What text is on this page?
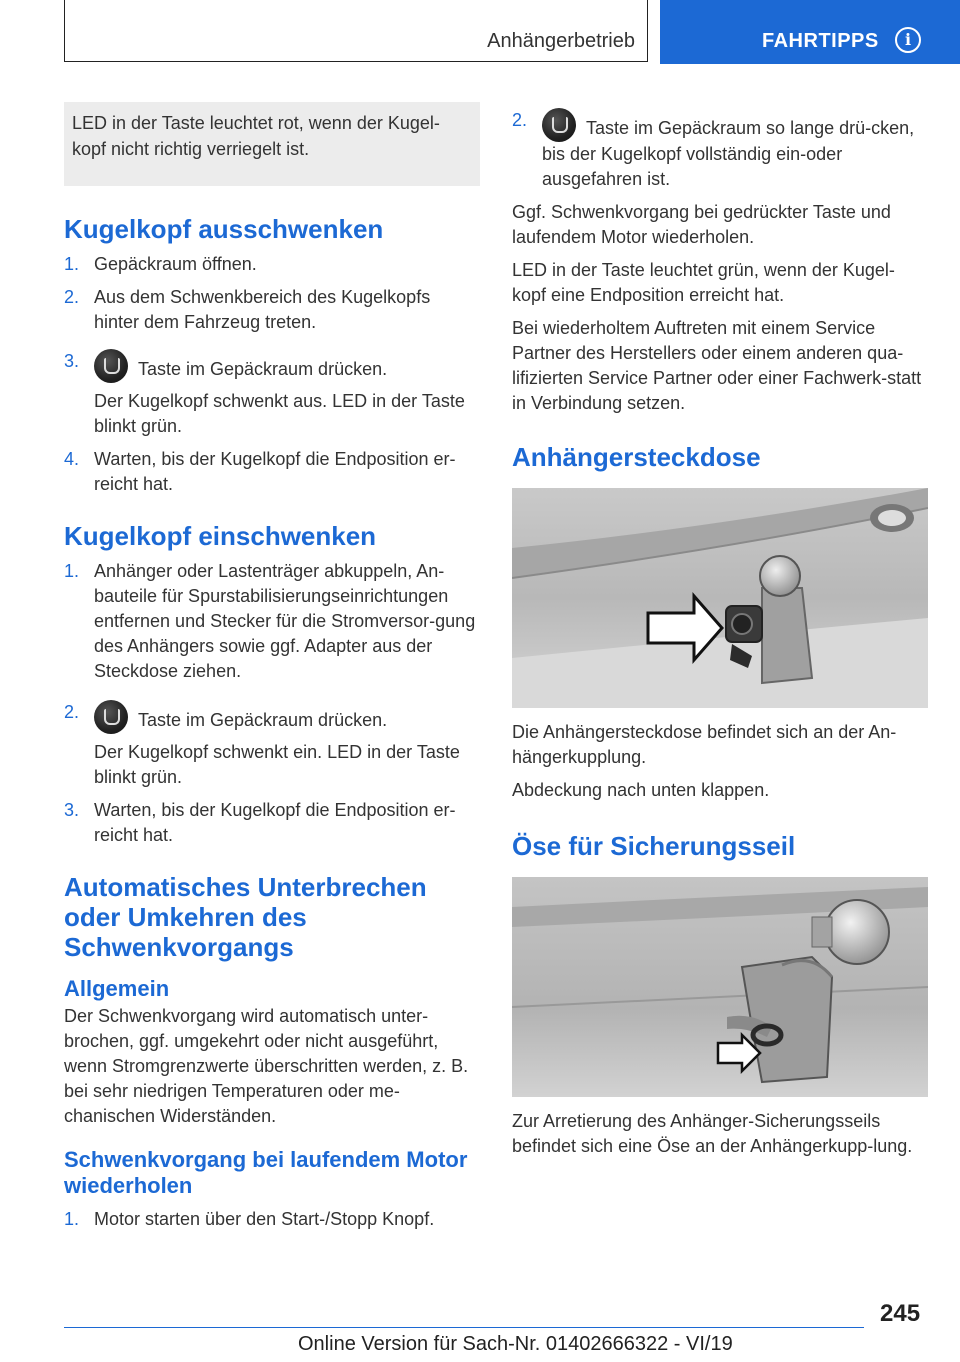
Anhängerbetrieb	FAHRTIPPS	i
LED in der Taste leuchtet rot, wenn der Kugel-kopf nicht richtig verriegelt ist.
Kugelkopf ausschwenken
1. Gepäckraum öffnen.
2. Aus dem Schwenkbereich des Kugelkopfs hinter dem Fahrzeug treten.
3.	Taste im Gepäckraum drücken.
Der Kugelkopf schwenkt aus. LED in der Taste blinkt grün.
4. Warten, bis der Kugelkopf die Endposition er-reicht hat.
Kugelkopf einschwenken
1. Anhänger oder Lastenträger abkuppeln, An-bauteile für Spurstabilisierungseinrichtungen entfernen und Stecker für die Stromversor-gung des Anhängers sowie ggf. Adapter aus der Steckdose ziehen.
2.	Taste im Gepäckraum drücken.
Der Kugelkopf schwenkt ein. LED in der Taste blinkt grün.
3. Warten, bis der Kugelkopf die Endposition er-reicht hat.
Automatisches Unterbrechen oder Umkehren des Schwenkvorgangs
Allgemein

Der Schwenkvorgang wird automatisch unter-brochen, ggf. umgekehrt oder nicht ausgeführt, wenn Stromgrenzwerte überschritten werden, z. B. bei sehr niedrigen Temperaturen oder me-chanischen Widerständen.

Schwenkvorgang bei laufendem Motor wiederholen
1. Motor starten über den Start-/Stopp Knopf.
2.	Taste im Gepäckraum so lange drü-cken, bis der Kugelkopf vollständig ein-oder ausgefahren ist.

Ggf. Schwenkvorgang bei gedrückter Taste und laufendem Motor wiederholen.

LED in der Taste leuchtet grün, wenn der Kugel-kopf eine Endposition erreicht hat.

Bei wiederholtem Auftreten mit einem Service Partner des Herstellers oder einem anderen qua-lifizierten Service Partner oder einer Fachwerk-statt in Verbindung setzen.

Anhängersteckdose

Die Anhängersteckdose befindet sich an der An-hängerkupplung.

Abdeckung nach unten klappen.

Öse für Sicherungsseil

Zur Arretierung des Anhänger-Sicherungsseils befindet sich eine Öse an der Anhängerkupp-lung.

245
Online Version für Sach-Nr. 01402666322 - VI/19
